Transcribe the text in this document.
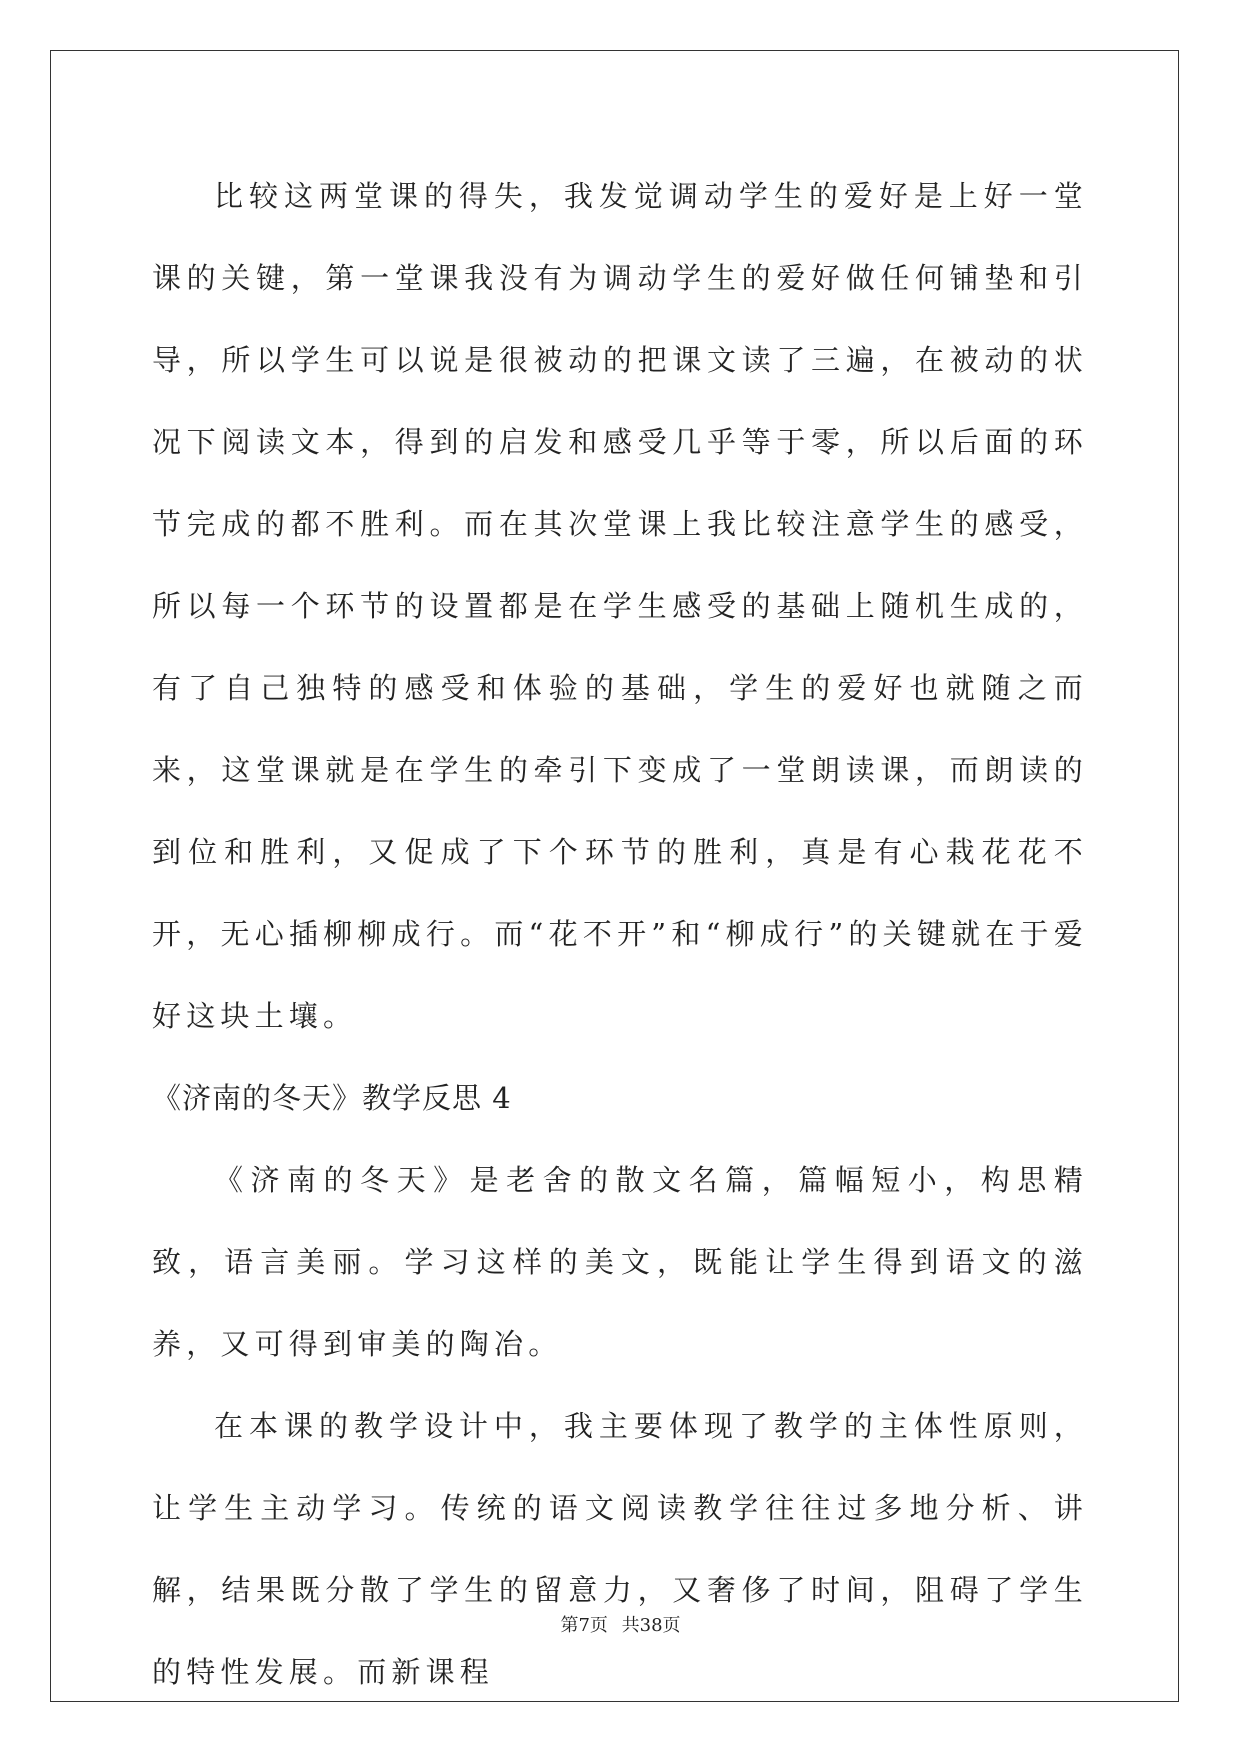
比较这两堂课的得失，我发觉调动学生的爱好是上好一堂课的关键，第一堂课我没有为调动学生的爱好做任何铺垫和引导，所以学生可以说是很被动的把课文读了三遍，在被动的状况下阅读文本，得到的启发和感受几乎等于零，所以后面的环节完成的都不胜利。而在其次堂课上我比较注意学生的感受，所以每一个环节的设置都是在学生感受的基础上随机生成的，有了自己独特的感受和体验的基础，学生的爱好也就随之而来，这堂课就是在学生的牵引下变成了一堂朗读课，而朗读的到位和胜利，又促成了下个环节的胜利，真是有心栽花花不开，无心插柳柳成行。而“花不开”和“柳成行”的关键就在于爱好这块土壤。

《济南的冬天》教学反思 4

《济南的冬天》是老舍的散文名篇，篇幅短小，构思精致，语言美丽。学习这样的美文，既能让学生得到语文的滋养，又可得到审美的陶冶。

在本课的教学设计中，我主要体现了教学的主体性原则，让学生主动学习。传统的语文阅读教学往往过多地分析、讲解，结果既分散了学生的留意力，又奢侈了时间，阻碍了学生的特性发展。而新课程

第7页 共38页
